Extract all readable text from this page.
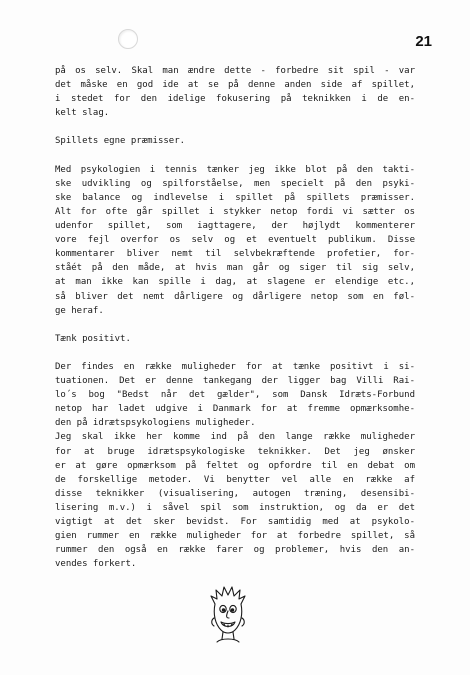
21

på os selv. Skal man ændre dette - forbedre sit spil - var
det måske en god ide at se på denne anden side af spillet,
i stedet for den idelige fokusering på teknikken i de en-
kelt slag.

Spillets egne præmisser.

Med psykologien i tennis tænker jeg ikke blot på den takti-
ske udvikling og spilforståelse, men specielt på den psyki-
ske balance og indlevelse i spillet på spillets præmisser.
Alt for ofte går spillet i stykker netop fordi vi sætter os
udenfor spillet, som iagttagere, der højlydt kommenterer
vore fejl overfor os selv og et eventuelt publikum. Disse
kommentarer bliver nemt til selvbekræftende profetier, for-
ståét på den måde, at hvis man går og siger til sig selv,
at man ikke kan spille i dag, at slagene er elendige etc.,
så bliver det nemt dårligere og dårligere netop som en føl-
ge heraf.

Tænk positivt.

Der findes en række muligheder for at tænke positivt i si-
tuationen. Det er denne tankegang der ligger bag Villi Rai-
lo´s bog "Bedst når det gælder", som Dansk Idræts-Forbund
netop har ladet udgive i Danmark for at fremme opmærksomhe-
den på idrætspsykologiens muligheder.

Jeg skal ikke her komme ind på den lange række muligheder
for at bruge idrætspsykologiske teknikker. Det jeg ønsker
er at gøre opmærksom på feltet og opfordre til en debat om
de forskellige metoder. Vi benytter vel alle en række af
disse teknikker (visualisering, autogen træning, desensibi-
lisering m.v.) i såvel spil som instruktion, og da er det
vigtigt at det sker bevidst. For samtidig med at psykolo-
gien rummer en række muligheder for at forbedre spillet, så
rummer den også en række farer og problemer, hvis den an-
vendes forkert.
